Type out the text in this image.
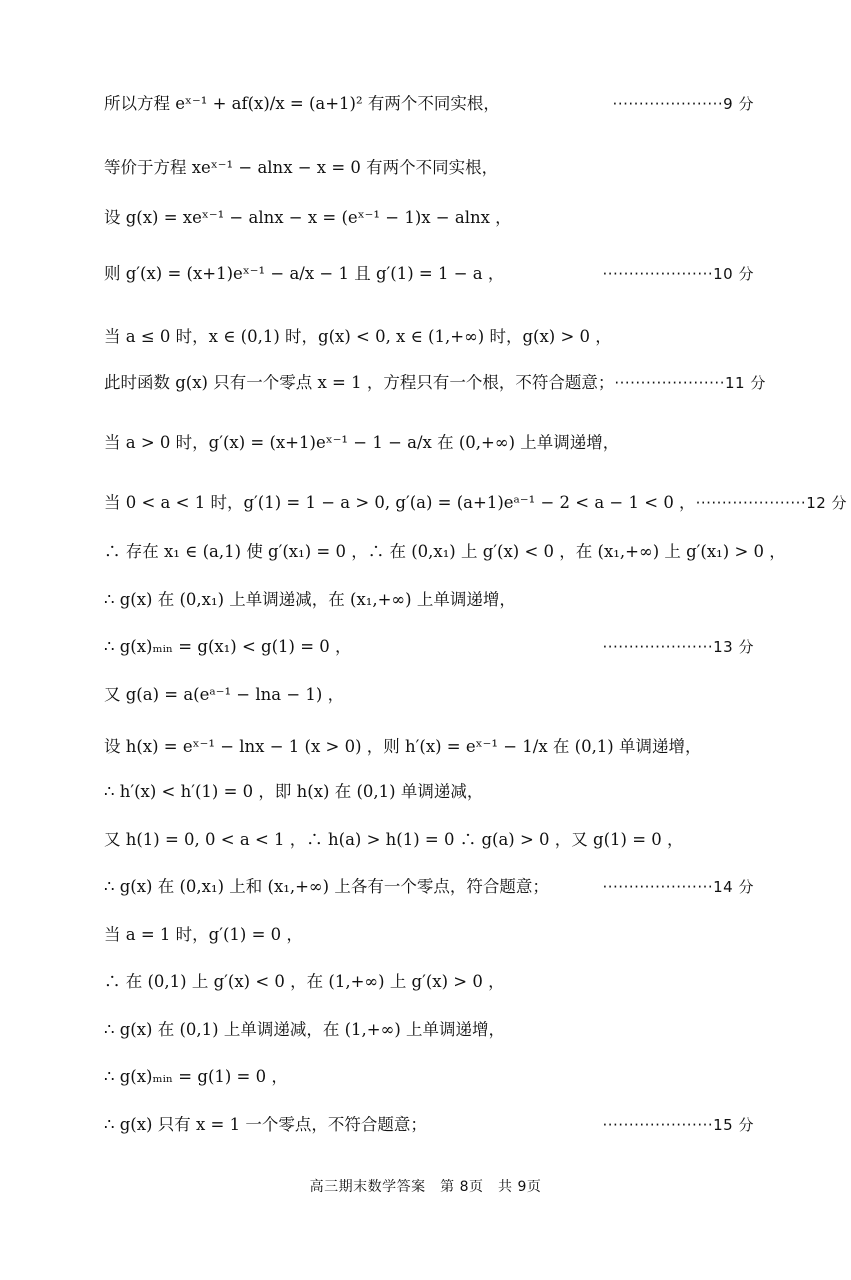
所以方程 eˣ⁻¹ + af(x)/x = (a+1)² 有两个不同实根，	·····················9 分
等价于方程 xeˣ⁻¹ − alnx − x = 0 有两个不同实根，
设 g(x) = xeˣ⁻¹ − alnx − x = (eˣ⁻¹ − 1)x − alnx ，
则 g′(x) = (x+1)eˣ⁻¹ − a/x − 1 且 g′(1) = 1 − a ，	·····················10 分
当 a ≤ 0 时，x ∈ (0,1) 时，g(x) < 0, x ∈ (1,+∞) 时，g(x) > 0 ，
此时函数 g(x) 只有一个零点 x = 1 ，方程只有一个根，不符合题意； ·····················11 分
当 a > 0 时，g′(x) = (x+1)eˣ⁻¹ − 1 − a/x 在 (0,+∞) 上单调递增，
当 0 < a < 1 时，g′(1) = 1 − a > 0, g′(a) = (a+1)eᵃ⁻¹ − 2 < a − 1 < 0 ， ·····················12 分
∴ 存在 x₁ ∈ (a,1) 使 g′(x₁) = 0 ，∴ 在 (0,x₁) 上 g′(x) < 0 ，在 (x₁,+∞) 上 g′(x₁) > 0 ，
∴ g(x) 在 (0,x₁) 上单调递减，在 (x₁,+∞) 上单调递增，
∴ g(x)ₘᵢₙ = g(x₁) < g(1) = 0 ，	·····················13 分
又 g(a) = a(eᵃ⁻¹ − lna − 1) ，
设 h(x) = eˣ⁻¹ − lnx − 1 (x > 0) ，则 h′(x) = eˣ⁻¹ − 1/x 在 (0,1) 单调递增，
∴ h′(x) < h′(1) = 0 ，即 h(x) 在 (0,1) 单调递减，
又 h(1) = 0, 0 < a < 1 ，∴ h(a) > h(1) = 0 ∴ g(a) > 0 ，又 g(1) = 0 ，
∴ g(x) 在 (0,x₁) 上和 (x₁,+∞) 上各有一个零点，符合题意；	·····················14 分
当 a = 1 时，g′(1) = 0 ，
∴ 在 (0,1) 上 g′(x) < 0 ，在 (1,+∞) 上 g′(x) > 0 ，
∴ g(x) 在 (0,1) 上单调递减，在 (1,+∞) 上单调递增，
∴ g(x)ₘᵢₙ = g(1) = 0 ，
∴ g(x) 只有 x = 1 一个零点，不符合题意；	·····················15 分
高三期末数学答案　第 8页　共 9页
